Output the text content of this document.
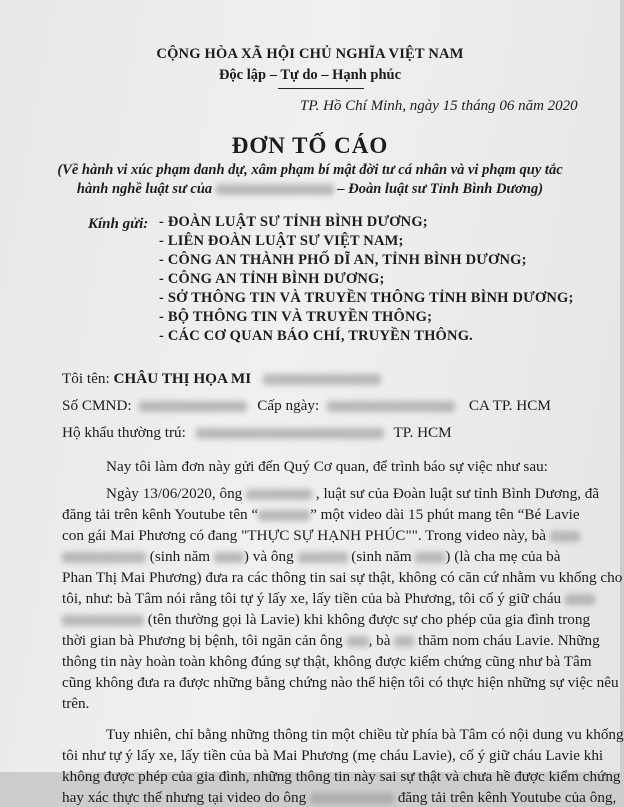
CỘNG HÒA XÃ HỘI CHỦ NGHĨA VIỆT NAM
Độc lập – Tự do – Hạnh phúc
TP. Hồ Chí Minh, ngày 15 tháng 06 năm 2020
ĐƠN TỐ CÁO
(Về hành vi xúc phạm danh dự, xâm phạm bí mật đời tư cá nhân và vi phạm quy tắc
hành nghề luật sư của	– Đoàn luật sư Tỉnh Bình Dương)
Kính gửi: - ĐOÀN LUẬT SƯ TỈNH BÌNH DƯƠNG;
- LIÊN ĐOÀN LUẬT SƯ VIỆT NAM;
- CÔNG AN THÀNH PHỐ DĨ AN, TỈNH BÌNH DƯƠNG;
- CÔNG AN TỈNH BÌNH DƯƠNG;
- SỞ THÔNG TIN VÀ TRUYỀN THÔNG TỈNH BÌNH DƯƠNG;
- BỘ THÔNG TIN VÀ TRUYỀN THÔNG;
- CÁC CƠ QUAN BÁO CHÍ, TRUYỀN THÔNG.
Tôi tên: CHÂU THỊ HỌA MI
Số CMND:	Cấp ngày:	CA TP. HCM
Hộ khẩu thường trú:	TP. HCM
Nay tôi làm đơn này gửi đến Quý Cơ quan, để trình báo sự việc như sau:
Ngày 13/06/2020, ông	, luật sư của Đoàn luật sư tỉnh Bình Dương, đã
đăng tải trên kênh Youtube tên “	” một video dài 15 phút mang tên “Bé Lavie
con gái Mai Phương có đang "THỰC SỰ HẠNH PHÚC"". Trong video này, bà
(sinh năm ) và ông	(sinh năm ) (là cha mẹ của bà
Phan Thị Mai Phương) đưa ra các thông tin sai sự thật, không có căn cứ nhằm vu khống cho
tôi, như: bà Tâm nói rằng tôi tự ý lấy xe, lấy tiền của bà Phương, tôi cố ý giữ cháu
(tên thường gọi là Lavie) khi không được sự cho phép của gia đình trong
thời gian bà Phương bị bệnh, tôi ngăn cản ông , bà thăm nom cháu Lavie. Những
thông tin này hoàn toàn không đúng sự thật, không được kiểm chứng cũng như bà Tâm
cũng không đưa ra được những bằng chứng nào thể hiện tôi có thực hiện những sự việc nêu
trên.
Tuy nhiên, chỉ bằng những thông tin một chiều từ phía bà Tâm có nội dung vu khống
tôi như tự ý lấy xe, lấy tiền của bà Mai Phương (mẹ cháu Lavie), cố ý giữ cháu Lavie khi
không được phép của gia đình, những thông tin này sai sự thật và chưa hề được kiểm chứng
hay xác thực thế nhưng tại video do ông	đăng tải trên kênh Youtube của ông,
